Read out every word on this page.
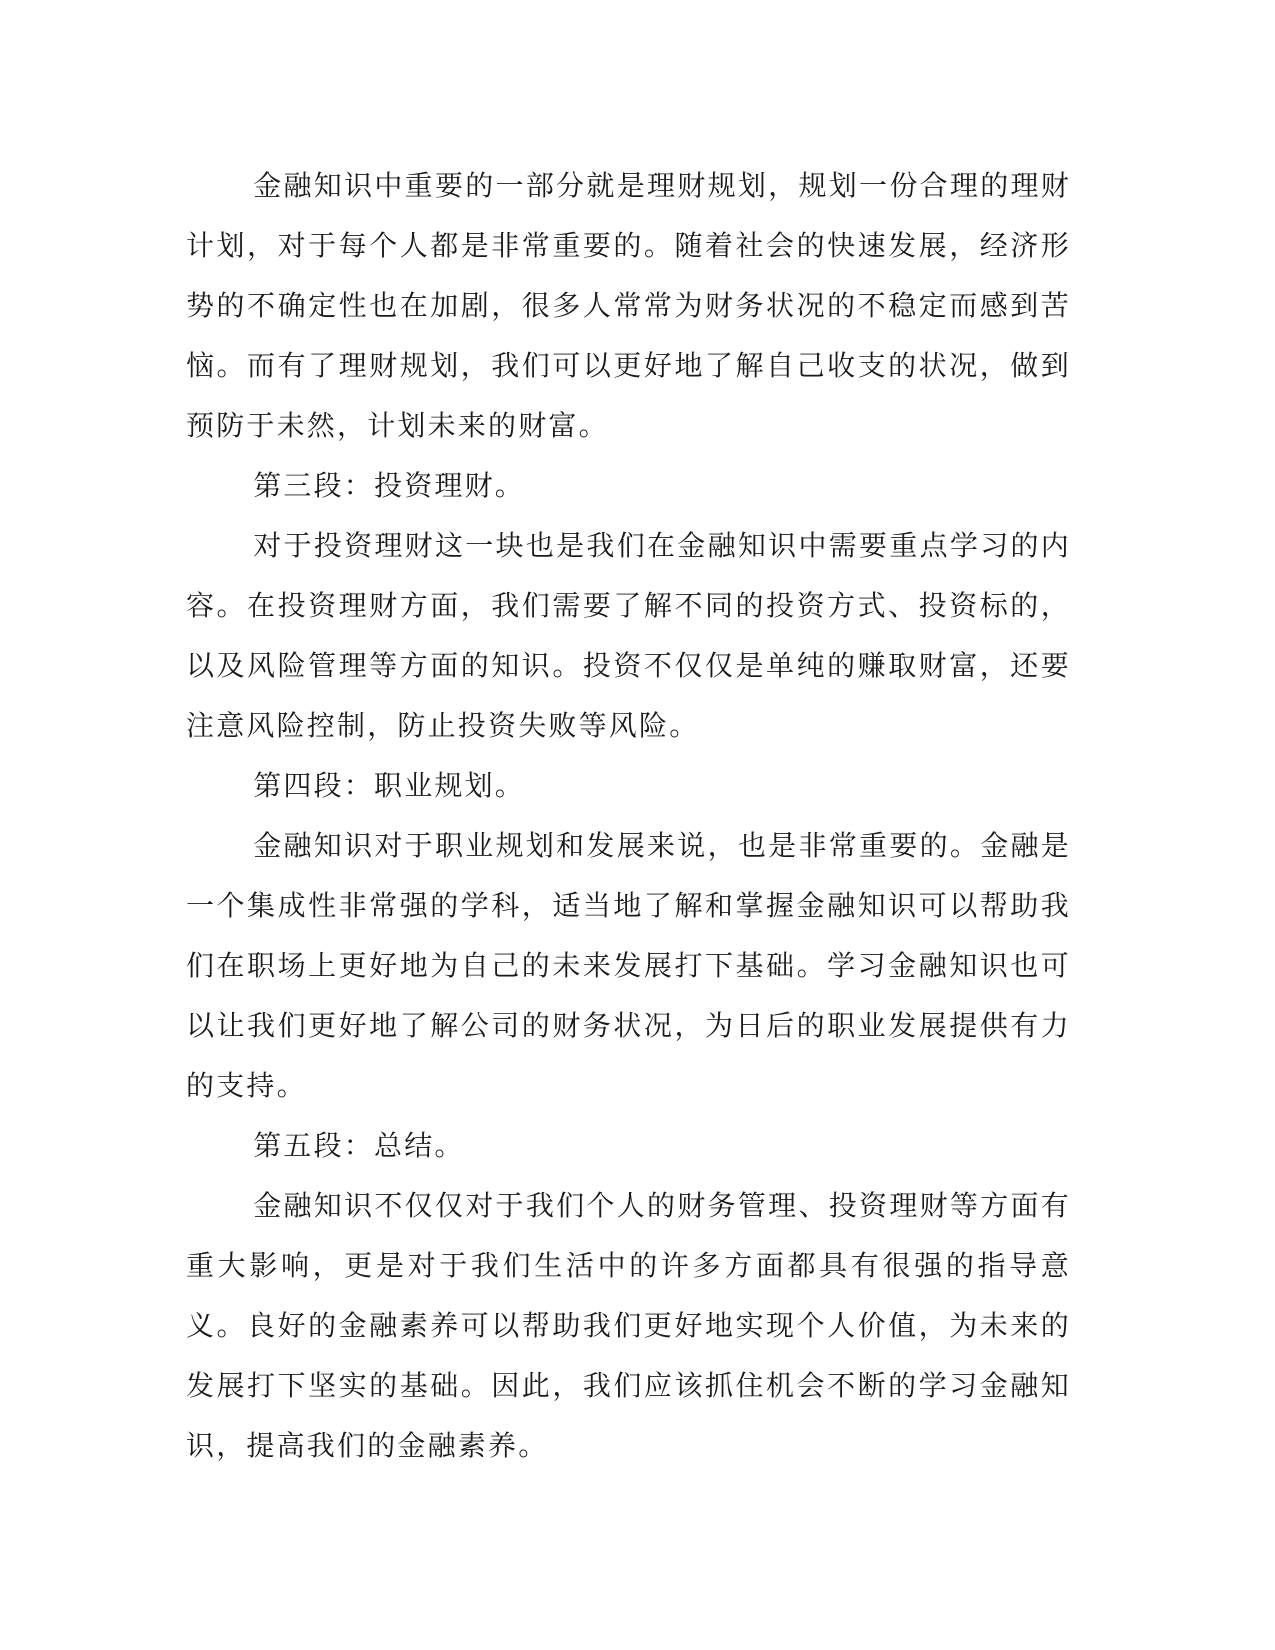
金融知识中重要的一部分就是理财规划，规划一份合理的理财计划，对于每个人都是非常重要的。随着社会的快速发展，经济形势的不确定性也在加剧，很多人常常为财务状况的不稳定而感到苦恼。而有了理财规划，我们可以更好地了解自己收支的状况，做到预防于未然，计划未来的财富。

第三段：投资理财。

对于投资理财这一块也是我们在金融知识中需要重点学习的内容。在投资理财方面，我们需要了解不同的投资方式、投资标的，以及风险管理等方面的知识。投资不仅仅是单纯的赚取财富，还要注意风险控制，防止投资失败等风险。

第四段：职业规划。

金融知识对于职业规划和发展来说，也是非常重要的。金融是一个集成性非常强的学科，适当地了解和掌握金融知识可以帮助我们在职场上更好地为自己的未来发展打下基础。学习金融知识也可以让我们更好地了解公司的财务状况，为日后的职业发展提供有力的支持。

第五段：总结。

金融知识不仅仅对于我们个人的财务管理、投资理财等方面有重大影响，更是对于我们生活中的许多方面都具有很强的指导意义。良好的金融素养可以帮助我们更好地实现个人价值，为未来的发展打下坚实的基础。因此，我们应该抓住机会不断的学习金融知识，提高我们的金融素养。
